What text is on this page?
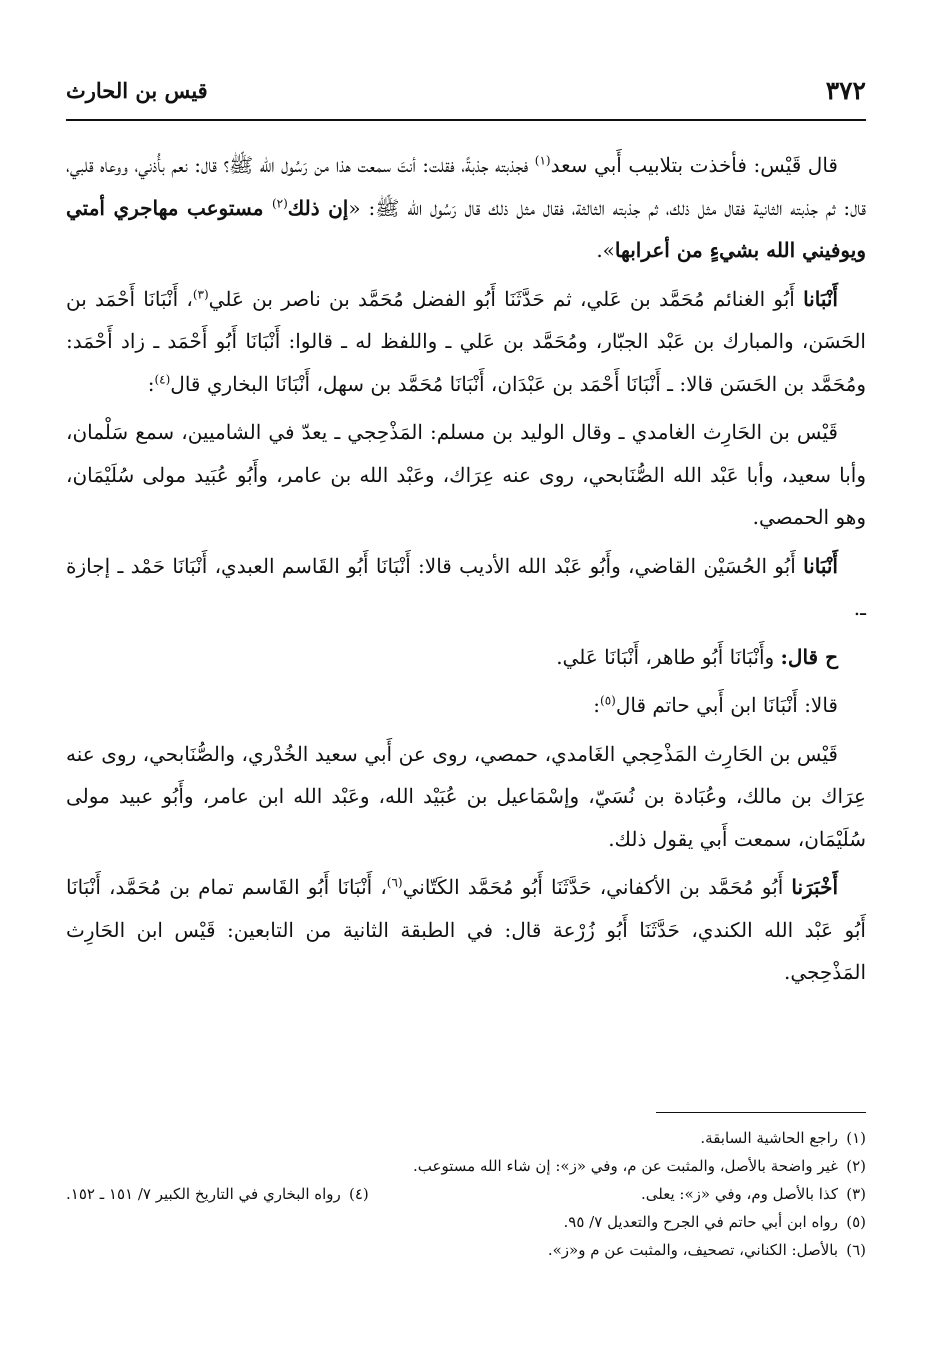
٣٧٢
قيس بن الحارث

قال قَيْس: فأخذت بتلابيب أَبي سعد$^{(١)}$ فجذبته جذبةً، فقلت: أنتَ سمعت هذا من رَسُول الله ﷺ؟ قال: نعم بأُذني، ووعاه قلبي، قال: ثم جذبته الثانية فقال مثل ذلك، ثم جذبته الثالثة، فقال مثل ذلك قال رَسُول الله ﷺ: «إن ذلك$^{(٢)}$ مستوعب مهاجري أمتي ويوفيني الله بشيءٍ من أعرابها».

أَنْبَانا أَبُو الغنائم مُحَمَّد بن عَلي، ثم حَدَّثَنَا أَبُو الفضل مُحَمَّد بن ناصر بن عَلي$^{(٣)}$، أَنْبَانَا أَحْمَد بن الحَسَن، والمبارك بن عَبْد الجبّار، ومُحَمَّد بن عَلي ـ واللفظ له ـ قالوا: أَنْبَانَا أَبُو أَحْمَد ـ زاد أَحْمَد: ومُحَمَّد بن الحَسَن قالا: ـ أَنْبَانَا أَحْمَد بن عَبْدَان، أَنْبَانَا مُحَمَّد بن سهل، أَنْبَانَا البخاري قال$^{(٤)}$:

قَيْس بن الحَارِث الغامدي ـ وقال الوليد بن مسلم: المَذْحِجي ـ يعدّ في الشاميين، سمع سَلْمان، وأبا سعيد، وأبا عَبْد الله الصُّنَابحي، روى عنه عِرَاك، وعَبْد الله بن عامر، وأَبُو عُبَيد مولى سُلَيْمَان، وهو الحمصي.

أَنْبَانا أَبُو الحُسَيْن القاضي، وأَبُو عَبْد الله الأديب قالا: أَنْبَانَا أَبُو القَاسم العبدي، أَنْبَانَا حَمْد ـ إجازة ـ.

ح قال: وأَنْبَانَا أَبُو طاهر، أَنْبَانَا عَلي.

قالا: أَنْبَانَا ابن أَبي حاتم قال$^{(٥)}$:

قَيْس بن الحَارِث المَذْحِجي الغَامدي، حمصي، روى عن أَبي سعيد الخُدْري، والصُّنَابحي، روى عنه عِرَاك بن مالك، وعُبَادة بن نُسَيّ، وإسْمَاعيل بن عُبَيْد الله، وعَبْد الله ابن عامر، وأَبُو عبيد مولى سُلَيْمَان، سمعت أَبي يقول ذلك.

أَخْبَرَنا أَبُو مُحَمَّد بن الأكفاني، حَدَّثَنَا أَبُو مُحَمَّد الكَتّاني$^{(٦)}$، أَنْبَانَا أَبُو القَاسم تمام بن مُحَمَّد، أَنْبَانَا أَبُو عَبْد الله الكندي، حَدَّثَنَا أَبُو زُرْعة قال: في الطبقة الثانية من التابعين: قَيْس ابن الحَارِث المَذْحِجي.

(١)راجع الحاشية السابقة.
(٢)غير واضحة بالأصل، والمثبت عن م، وفي «ز»: إن شاء الله مستوعب.
(٣)كذا بالأصل وم، وفي «ز»: يعلى.
(٤)رواه البخاري في التاريخ الكبير ٧/ ١٥١ ـ ١٥٢.
(٥)رواه ابن أبي حاتم في الجرح والتعديل ٧/ ٩٥.
(٦)بالأصل: الكناني، تصحيف، والمثبت عن م و«ز».
